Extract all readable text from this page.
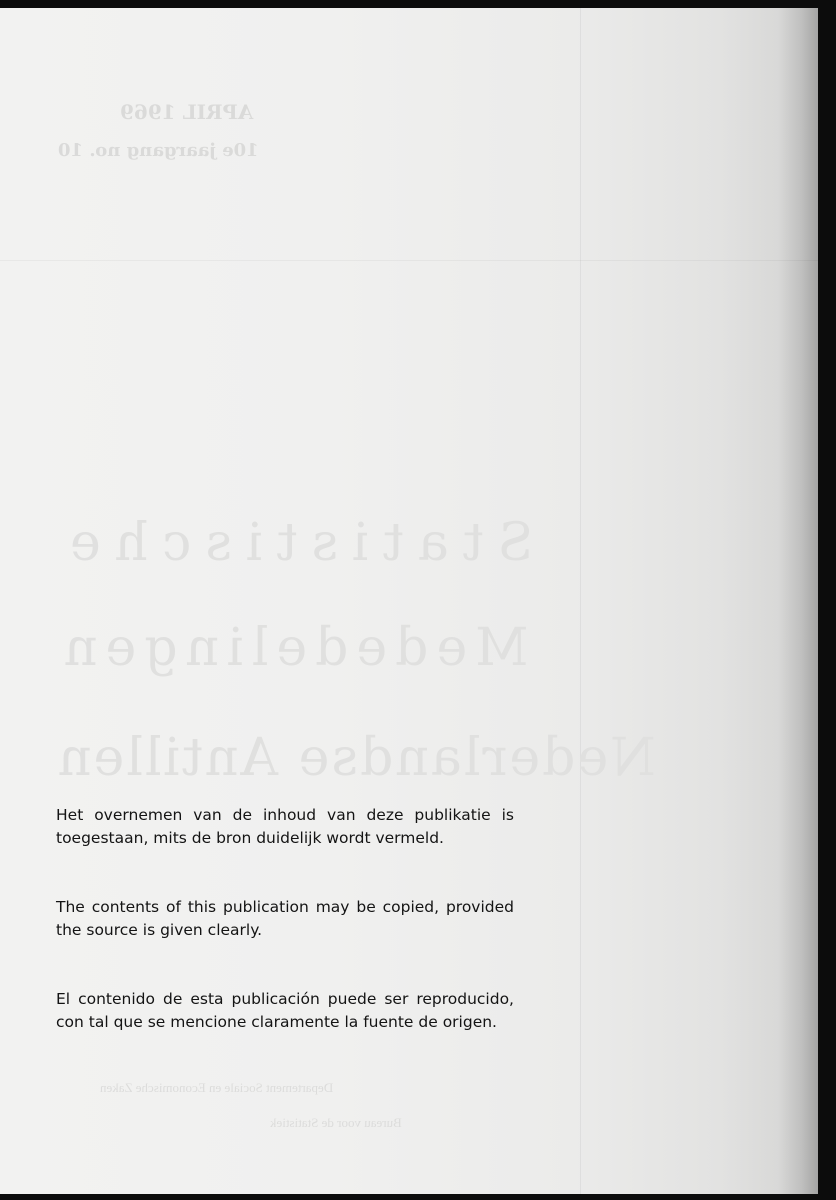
APRIL 1969
10e jaargang no. 10
Statistische
Mededelingen
Nederlandse Antillen
Departement Sociale en Economische Zaken
Bureau voor de Statistiek

Het overnemen van de inhoud van deze publikatie is toegestaan, mits de bron duidelijk wordt vermeld.

The contents of this publication may be copied, provided the source is given clearly.

El contenido de esta publicación puede ser reproducido, con tal que se mencione claramente la fuente de origen.
